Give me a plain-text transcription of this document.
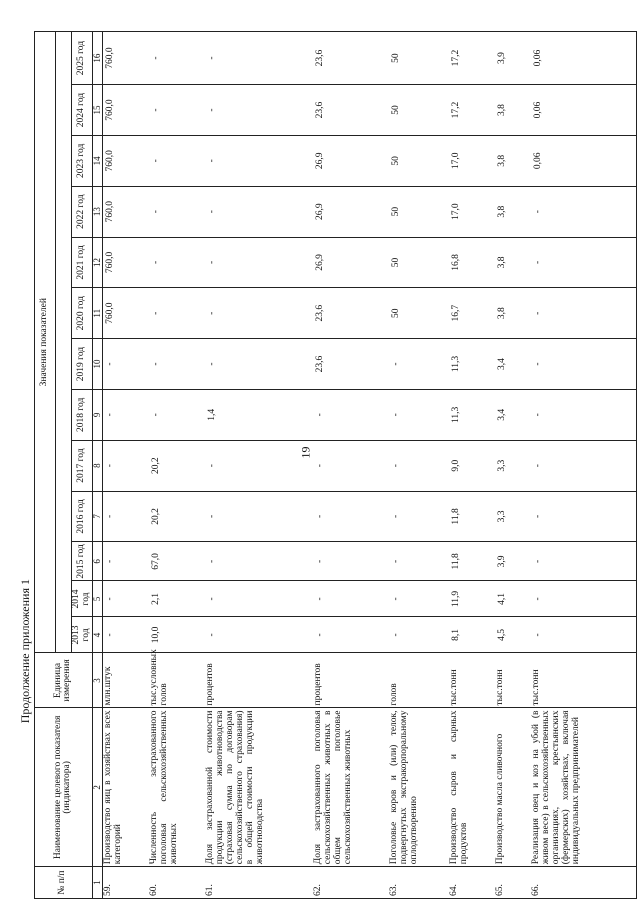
19
Продолжение приложения 1
№ п/п	Наименование целевого показателя (индикатора)	Единица измерения	Значения показателей												

			2013 год	2014 год	2015 год	2016 год	2017 год	2018 год	2019 год	2020 год	2021 год	2022 год	2023 год	2024 год	2025 год
1	2	3	4	5	6	7	8	9	10	11	12	13	14	15	16
59.	Производство яиц в хозяйствах всех категорий	млн.штук	-	-	-	-	-	-	-	760,0	760,0	760,0	760,0	760,0	760,0
60.	Численность застрахованного поголовья сельскохозяйственных животных	тыс.условных голов	10,0	2,1	67,0	20,2	20,2	-	-	-	-	-	-	-	-
61.	Доля застрахованной стоимости продукции животноводства (страховая сумма по договорам сельскохозяйственного страхования) в общей стоимости продукции животноводства	процентов	-	-	-	-	-	1,4	-	-	-	-	-	-	-
62.	Доля застрахованного поголовья сельскохозяйственных животных в общем поголовье сельскохозяйственных животных	процентов	-	-	-	-	-	-	23,6	23,6	26,9	26,9	26,9	23,6	23,6
63.	Поголовье коров и (или) телок, подвергнутых экстракорпоральному оплодотворению	голов	-	-	-	-	-	-	-	50	50	50	50	50	50
64.	Производство сыров и сырных продуктов	тыс.тонн	8,1	11,9	11,8	11,8	9,0	11,3	11,3	16,7	16,8	17,0	17,0	17,2	17,2
65.	Производство масла сливочного	тыс.тонн	4,5	4,1	3,9	3,3	3,3	3,4	3,4	3,8	3,8	3,8	3,8	3,8	3,9
66.	Реализация овец и коз на убой (в живом весе) в сельскохозяйственных организациях, крестьянских (фермерских) хозяйствах, включая индивидуальных предпринимателей	тыс.тонн	-	-	-	-	-	-	-	-	-	-	0,06	0,06	0,06
